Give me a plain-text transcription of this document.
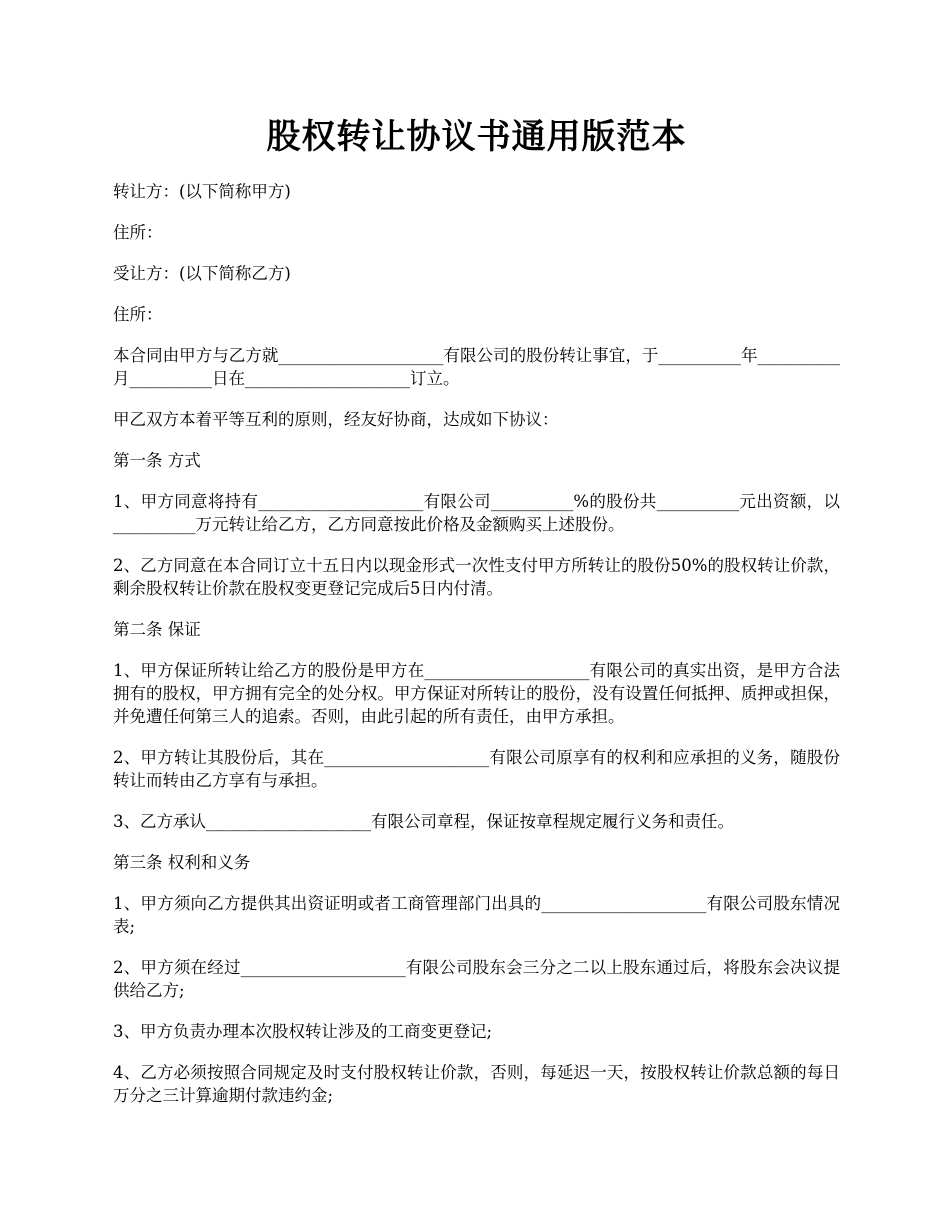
股权转让协议书通用版范本

转让方：(以下简称甲方)

住所：

受让方：(以下简称乙方)

住所：

本合同由甲方与乙方就____________________有限公司的股份转让事宜，于__________年__________月__________日在____________________订立。

甲乙双方本着平等互利的原则，经友好协商，达成如下协议：

第一条 方式

1、甲方同意将持有____________________有限公司__________%的股份共__________元出资额，以__________万元转让给乙方，乙方同意按此价格及金额购买上述股份。

2、乙方同意在本合同订立十五日内以现金形式一次性支付甲方所转让的股份50%的股权转让价款，剩余股权转让价款在股权变更登记完成后5日内付清。

第二条 保证

1、甲方保证所转让给乙方的股份是甲方在____________________有限公司的真实出资，是甲方合法拥有的股权，甲方拥有完全的处分权。甲方保证对所转让的股份，没有设置任何抵押、质押或担保，并免遭任何第三人的追索。否则，由此引起的所有责任，由甲方承担。

2、甲方转让其股份后，其在____________________有限公司原享有的权利和应承担的义务，随股份转让而转由乙方享有与承担。

3、乙方承认____________________有限公司章程，保证按章程规定履行义务和责任。

第三条 权利和义务

1、甲方须向乙方提供其出资证明或者工商管理部门出具的____________________有限公司股东情况表;

2、甲方须在经过____________________有限公司股东会三分之二以上股东通过后，将股东会决议提供给乙方;

3、甲方负责办理本次股权转让涉及的工商变更登记;

4、乙方必须按照合同规定及时支付股权转让价款，否则，每延迟一天，按股权转让价款总额的每日万分之三计算逾期付款违约金;
